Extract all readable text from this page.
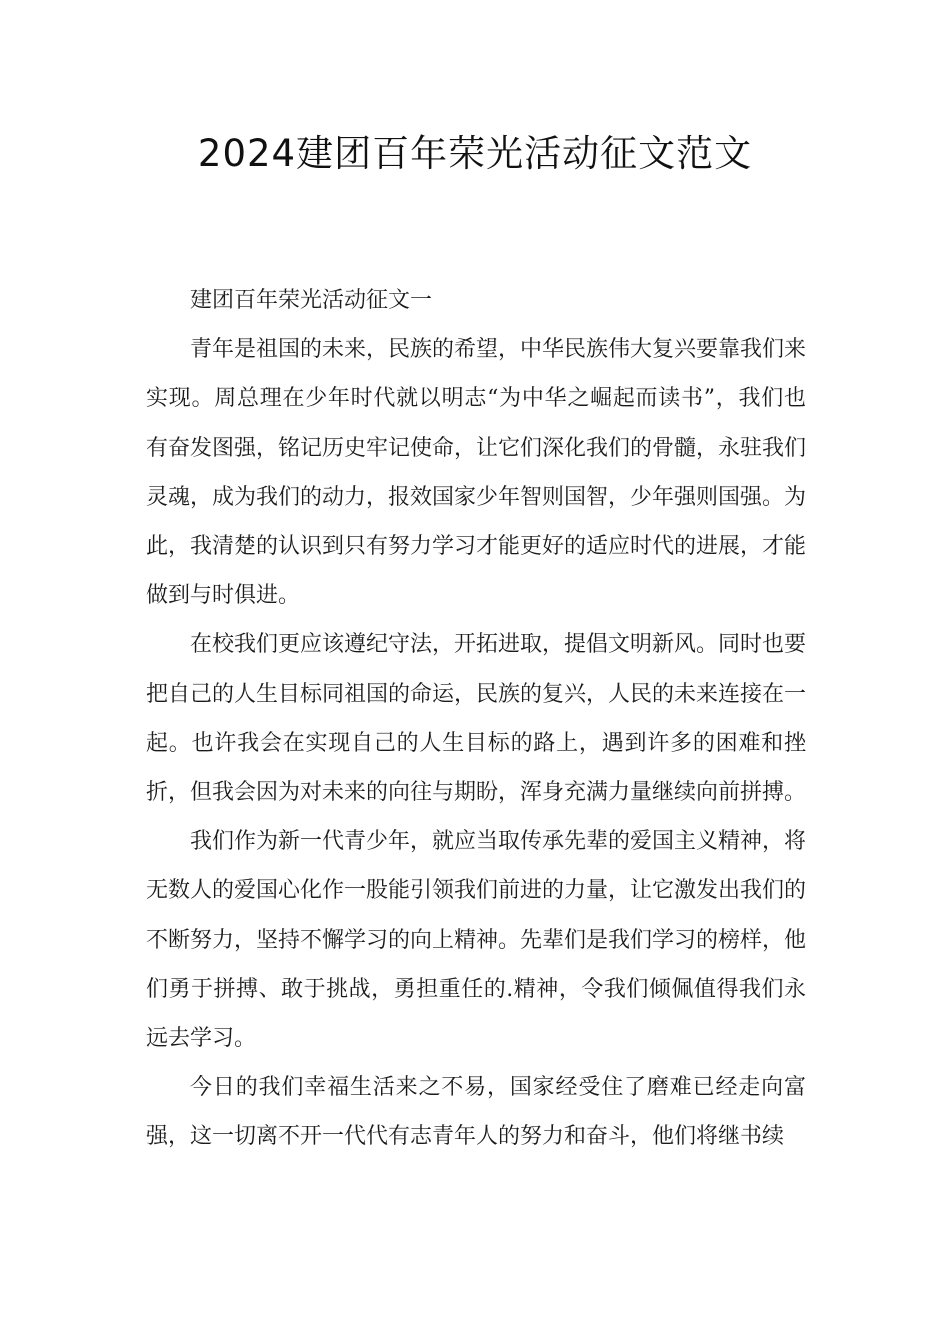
2024建团百年荣光活动征文范文

建团百年荣光活动征文一

青年是祖国的未来，民族的希望，中华民族伟大复兴要靠我们来实现。周总理在少年时代就以明志“为中华之崛起而读书”，我们也有奋发图强，铭记历史牢记使命，让它们深化我们的骨髓，永驻我们灵魂，成为我们的动力，报效国家少年智则国智，少年强则国强。为此，我清楚的认识到只有努力学习才能更好的适应时代的进展，才能做到与时俱进。

在校我们更应该遵纪守法，开拓进取，提倡文明新风。同时也要把自己的人生目标同祖国的命运，民族的复兴，人民的未来连接在一起。也许我会在实现自己的人生目标的路上，遇到许多的困难和挫折，但我会因为对未来的向往与期盼，浑身充满力量继续向前拼搏。

我们作为新一代青少年，就应当取传承先辈的爱国主义精神，将无数人的爱国心化作一股能引领我们前进的力量，让它激发出我们的不断努力，坚持不懈学习的向上精神。先辈们是我们学习的榜样，他们勇于拼搏、敢于挑战，勇担重任的.精神，令我们倾佩值得我们永远去学习。

今日的我们幸福生活来之不易，国家经受住了磨难已经走向富强，这一切离不开一代代有志青年人的努力和奋斗，他们将继书续
